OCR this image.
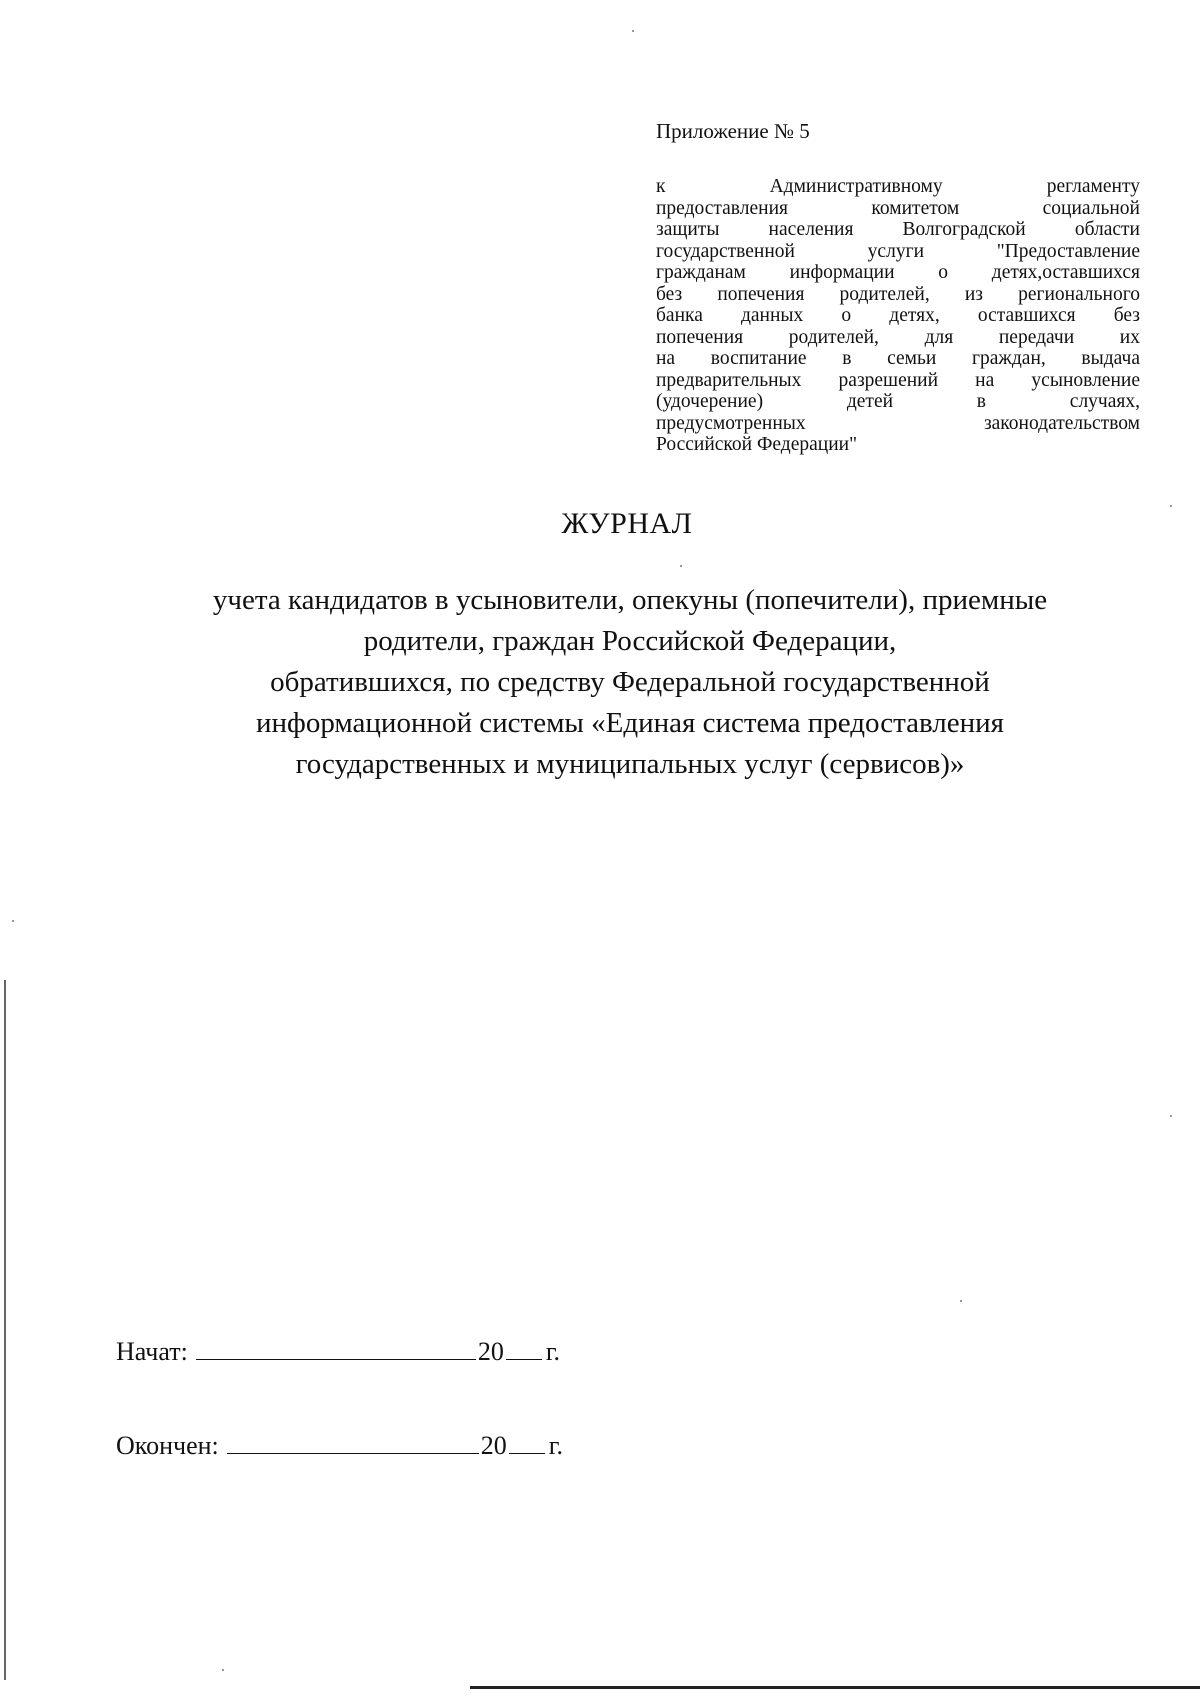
Приложение № 5
к Административному регламенту
предоставления комитетом социальной
защиты населения Волгоградской области
государственной услуги "Предоставление
гражданам информации о детях,оставшихся
без попечения родителей, из регионального
банка данных о детях, оставшихся без
попечения родителей, для передачи их
на воспитание в семьи граждан, выдача
предварительных разрешений на усыновление
(удочерение) детей в случаях,
предусмотренных законодательством
Российской Федерации"
ЖУРНАЛ
учета кандидатов в усыновители, опекуны (попечители), приемные
родители, граждан Российской Федерации,
обратившихся, по средству Федеральной государственной
информационной системы «Единая система предоставления
государственных и муниципальных услуг (сервисов)»
Начат:	20 г.
Окончен:	20 г.
